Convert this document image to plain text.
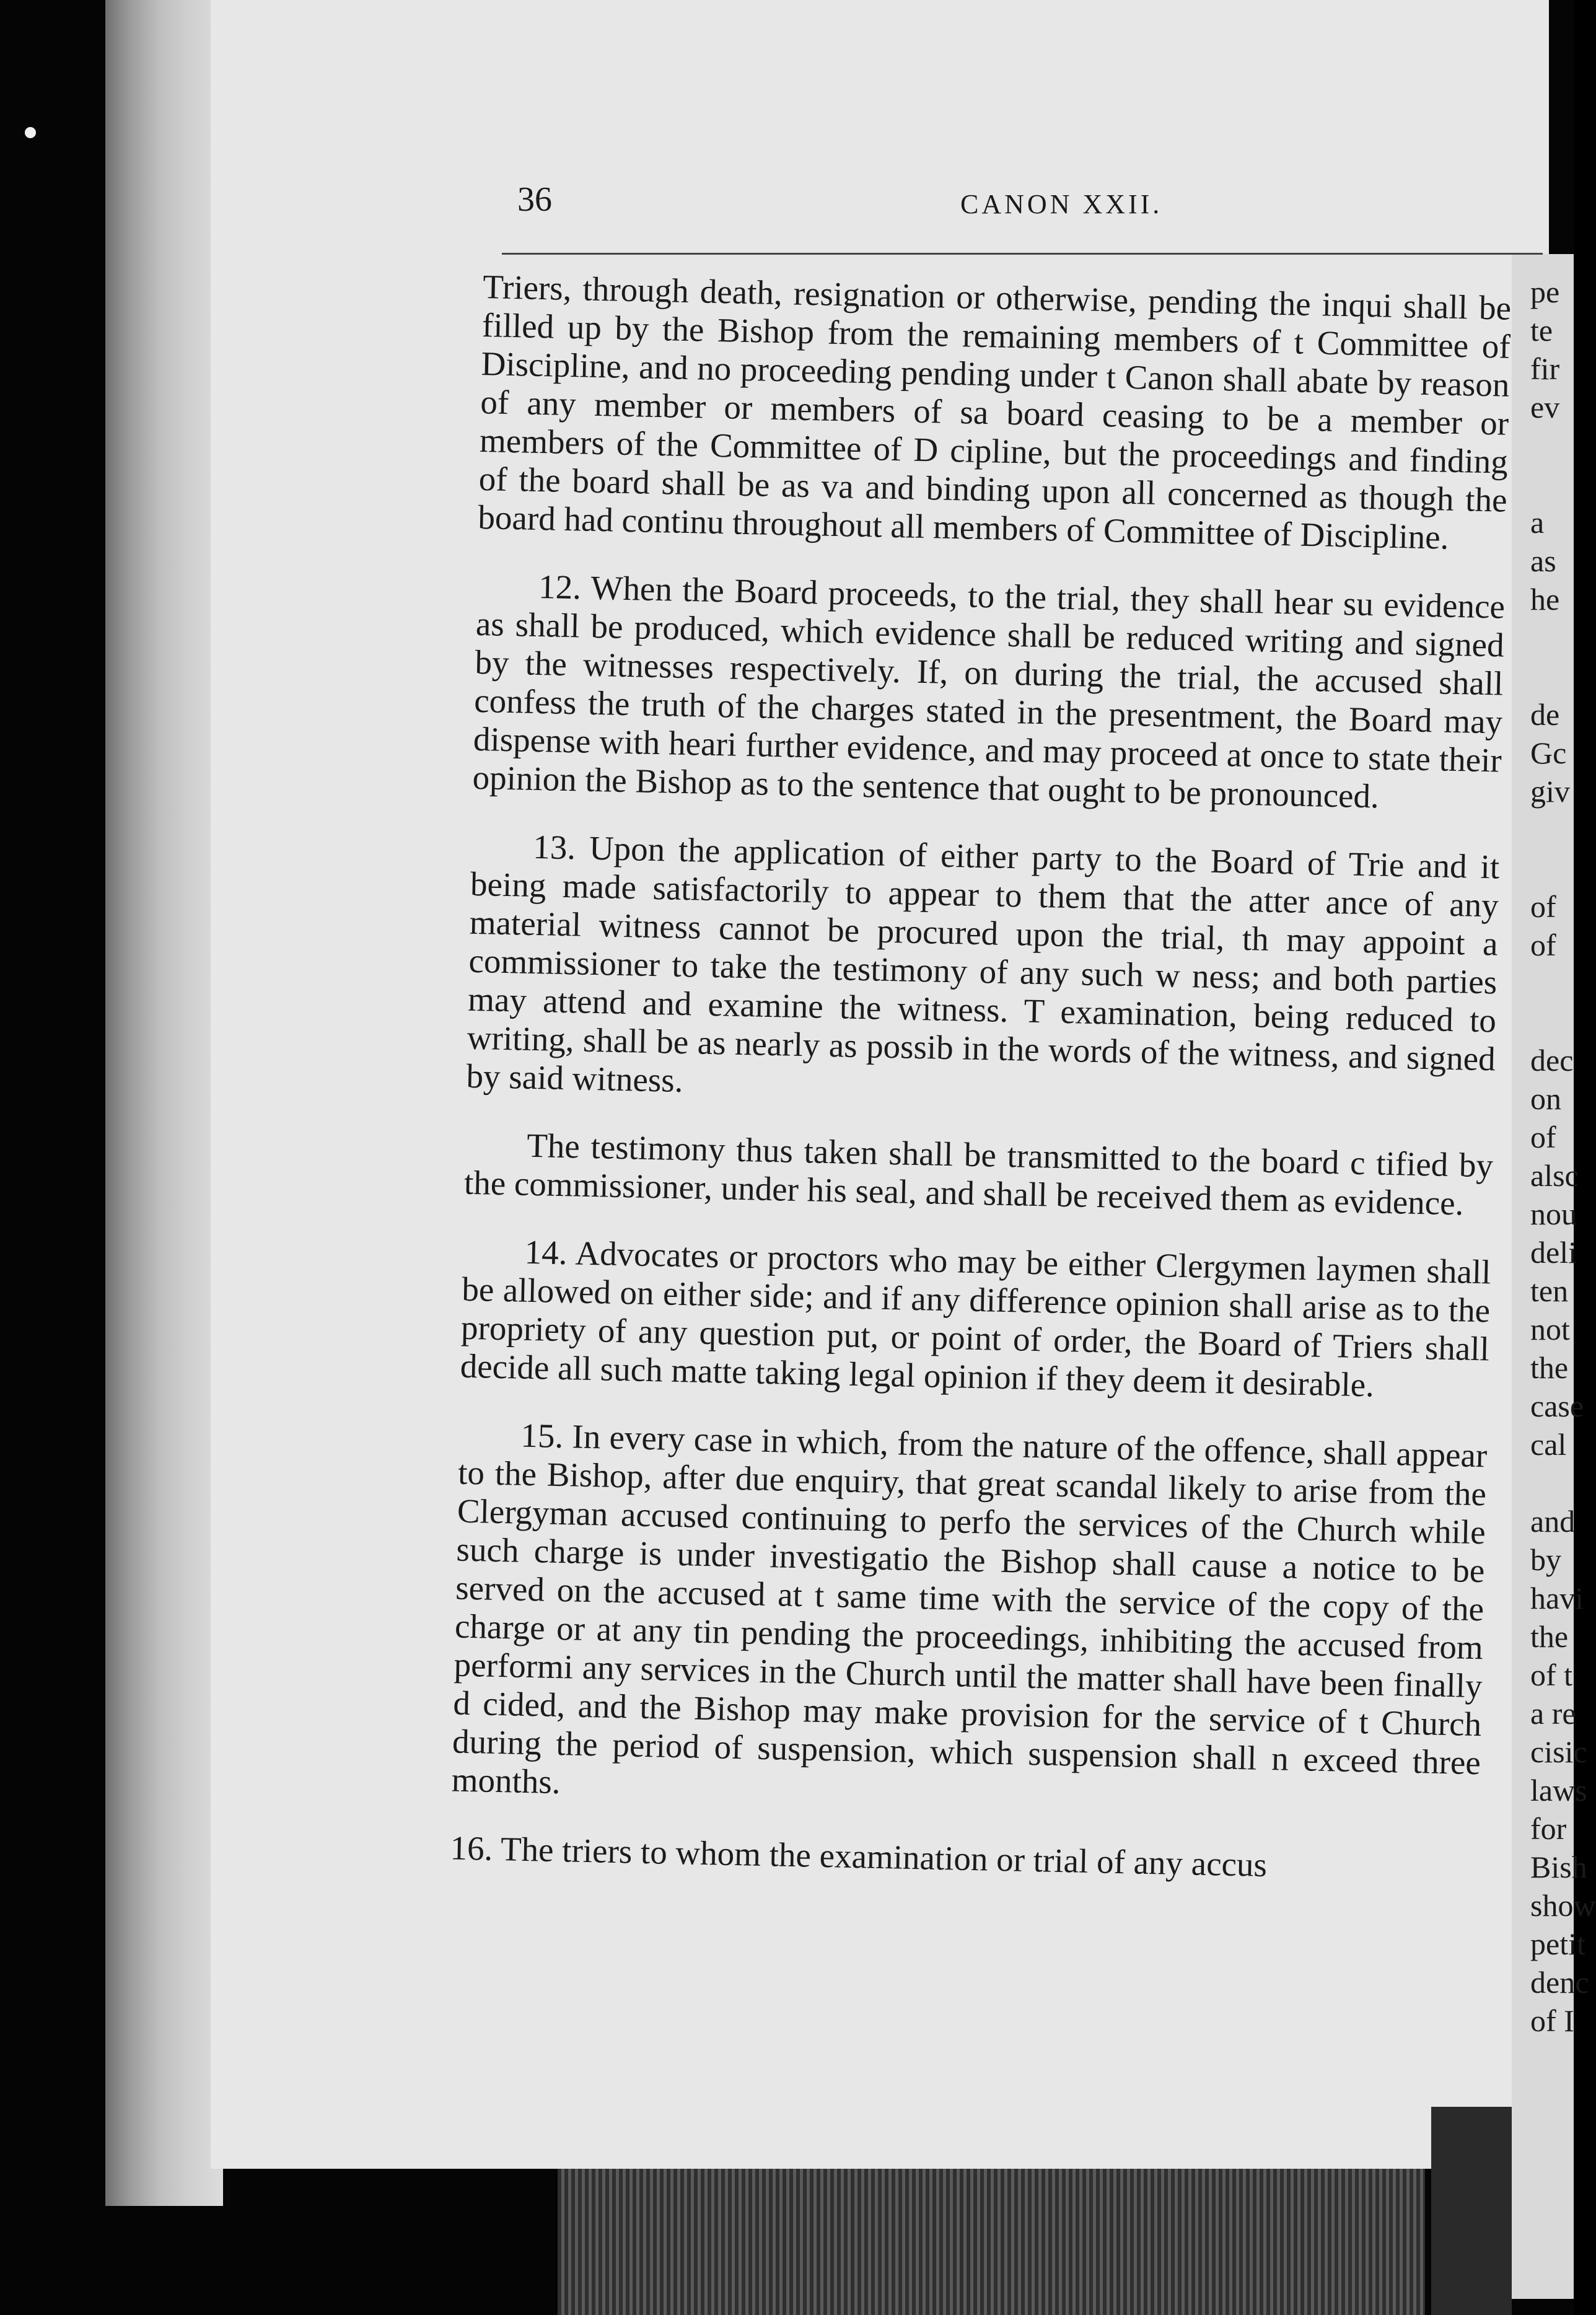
36	CANON XXII.

Triers, through death, resignation or otherwise, pending the inqui shall be filled up by the Bishop from the remaining members of t Committee of Discipline, and no proceeding pending under t Canon shall abate by reason of any member or members of sa board ceasing to be a member or members of the Committee of D cipline, but the proceedings and finding of the board shall be as va and binding upon all concerned as though the board had continu throughout all members of Committee of Discipline.

12. When the Board proceeds, to the trial, they shall hear su evidence as shall be produced, which evidence shall be reduced writing and signed by the witnesses respectively. If, on during the trial, the accused shall confess the truth of the charges stated in the presentment, the Board may dispense with heari further evidence, and may proceed at once to state their opinion the Bishop as to the sentence that ought to be pronounced.

13. Upon the application of either party to the Board of Trie and it being made satisfactorily to appear to them that the atter ance of any material witness cannot be procured upon the trial, th may appoint a commissioner to take the testimony of any such w ness; and both parties may attend and examine the witness. T examination, being reduced to writing, shall be as nearly as possib in the words of the witness, and signed by said witness.

The testimony thus taken shall be transmitted to the board c tified by the commissioner, under his seal, and shall be received them as evidence.

14. Advocates or proctors who may be either Clergymen laymen shall be allowed on either side; and if any difference opinion shall arise as to the propriety of any question put, or point of order, the Board of Triers shall decide all such matte taking legal opinion if they deem it desirable.

15. In every case in which, from the nature of the offence, shall appear to the Bishop, after due enquiry, that great scandal likely to arise from the Clergyman accused continuing to perfo the services of the Church while such charge is under investigatio the Bishop shall cause a notice to be served on the accused at t same time with the service of the copy of the charge or at any tin pending the proceedings, inhibiting the accused from performi any services in the Church until the matter shall have been finally d cided, and the Bishop may make provision for the service of t Church during the period of suspension, which suspension shall n exceed three months.

16. The triers to whom the examination or trial of any accus

pe
te
fir
ev
a
as
he
de
Gc
giv
of
of
dec
on
of
alsc
nou
deli
ten
not
the
case
cal
and
by
havi
the
of t
a re
cisic
laws
for
Bish
show
petit
denc
of I
